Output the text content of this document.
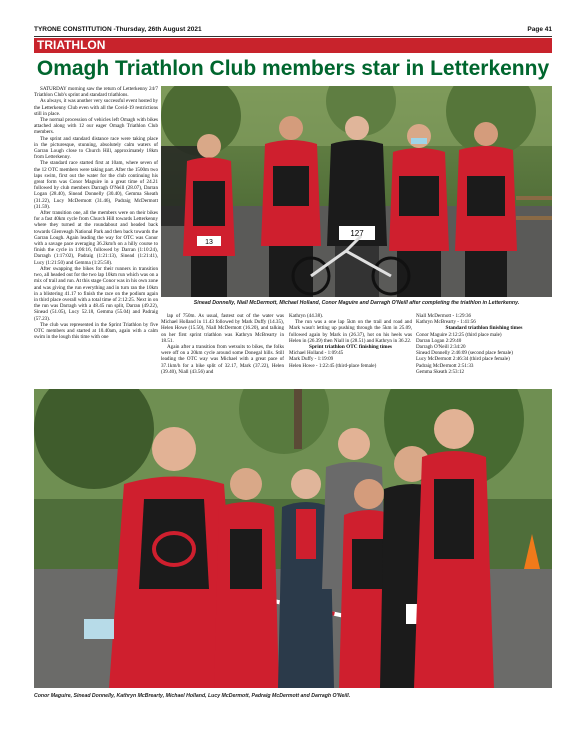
TYRONE CONSTITUTION -Thursday, 26th August 2021	Page 41
TRIATHLON
Omagh Triathlon Club members star in Letterkenny

SATURDAY morning saw the return of Letterkenny 24/7 Triathlon Club's sprint and standard triathlons.

As always, it was another very successful event hosted by the Letterkenny Club even with all the Covid-19 restrictions still in place.

The normal procession of vehicles left Omagh with bikes attached along with 12 our eager Omagh Triathlon Club members.

The sprint and standard distance race were taking place in the picturesque, stunning, absolutely calm waters of Garran Lough close to Church Hill, approximately 18km from Letterkenny.

The standard race started first at 10am, where seven of the 12 OTC members were taking part. After the 1500m two laps swim, first out the water for the club continuing his great form was Conor Maguire in a great time of 24.21 followed by club members Darragh O'Neill (28.07), Darran Logan (28.40), Sinead Donnelly (30.40), Gemma Skeath (31.22), Lucy McDermott (31.46), Padraig McDermott (31.59).

After transition one, all the members were on their bikes for a fast 40km cycle from Church Hill towards Letterkenny where they turned at the roundabout and headed back towards Glenveagh National Park and then back towards the Garran Lough. Again leading the way for OTC was Conor with a savage pace averaging 36.2km/h on a hilly course to finish the cycle in 1:06:16, followed by Darran (1:10:24), Darragh (1:17:02), Padraig (1:21:13), Sinead (1:21:41), Lucy (1:21:50) and Gemma (1:25:50).

After swapping the bikes for their runners in transition two, all headed out for the two lap 10km run which was on a mix of trail and run. At this stage Conor was in his own zone and was giving the run everything and in turn ran the 10km in a blistering 41.17 to finish the race on the podium again in third place overall with a total time of 2:12:25. Next in on the run was Darragh with a 48.45 run split, Darran (49.22), Sinead (51.05), Lucy 52.18, Gemma (55.04) and Padraig (57.23).

The club was represented in the Sprint Triathlon by five OTC members and started at 10.40am, again with a calm swim in the lough this time with one

13
127
Sinead Donnelly, Niall McDermott, Michael Holland, Conor Maguire and Darragh O'Neill after completing the triathlon in Letterkenny.

lap of 750m. As usual, fastest out of the water was Michael Holland in 11.43 followed by Mark Duffy (14.35), Helen Howe (15.50), Niall McDermott (16.20), and talking on her first sprint triathlon was Kathryn McBrearty in 18.51.

Again after a transition from wetsuits to bikes, the folks were off on a 20km cycle around some Donegal hills. Still leading the OTC way was Michael with a great pace of 37.1km/h for a bike split of 32.17, Mark (37.22), Helen (39.40), Niall (43.56) and

Kathryn (44.38).

The run was a one lap 5km on the trail and road and Mark wasn't letting up pushing through the 5km in 25.09, followed again by Mark in (26.37), hot on his heels was Helen in (26.39) then Niall in (28.51) and Kathryn in 36.22.

Sprint triathlon OTC finishing times

Michael Holland - 1:09:45

Mark Duffy - 1:19:09

Helen Howe - 1:22:45 (third-place female)

Niall McDermott - 1:29:36

Kathryn McBrearty - 1:41:56

Standard triathlon finishing times

Conor Maguire 2:12:25 (third place male)

Darran Logan 2:29:40

Darragh O'Neill 2:34:20

Sinead Donnelly 2:46:09 (second place female)

Lucy McDermott 2:46:34 (third place female)

Padraig McDermott 2:51:33

Gemma Skeath 2:53:12

Conor Maguire, Sinead Donnelly, Kathryn McBrearty, Michael Holland, Lucy McDermott, Padraig McDermott and Darragh O'Neill.
